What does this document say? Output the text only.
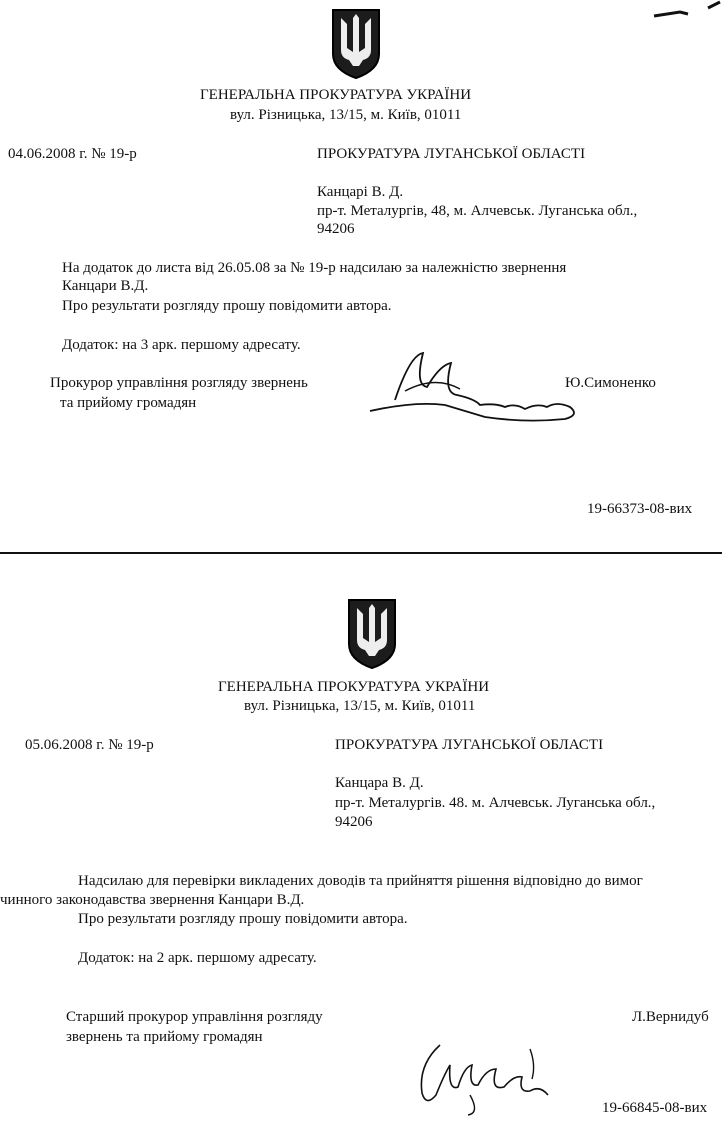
ГЕНЕРАЛЬНА ПРОКУРАТУРА УКРАЇНИ
вул. Різницька, 13/15, м. Київ, 01011
04.06.2008 г. № 19-р	ПРОКУРАТУРА ЛУГАНСЬКОЇ ОБЛАСТІ
Канцарі В. Д.
пр-т. Металургів, 48, м. Алчевськ. Луганська обл.,
94206
На додаток до листа від 26.05.08 за № 19-р надсилаю за належністю звернення
Канцари В.Д.
Про результати розгляду прошу повідомити автора.
Додаток: на 3 арк. першому адресату.
Прокурор управління розгляду звернень
та прийому громадян
Ю.Симоненко
19-66373-08-вих
ГЕНЕРАЛЬНА ПРОКУРАТУРА УКРАЇНИ
вул. Різницька, 13/15, м. Київ, 01011
05.06.2008 г. № 19-р	ПРОКУРАТУРА ЛУГАНСЬКОЇ ОБЛАСТІ
Канцара В. Д.
пр-т. Металургів. 48. м. Алчевськ. Луганська обл.,
94206
Надсилаю для перевірки викладених доводів та прийняття рішення відповідно до вимог
чинного законодавства звернення Канцари В.Д.
Про результати розгляду прошу повідомити автора.
Додаток: на 2 арк. першому адресату.
Старший прокурор управління розгляду
звернень та прийому громадян
Л.Вернидуб
19-66845-08-вих
